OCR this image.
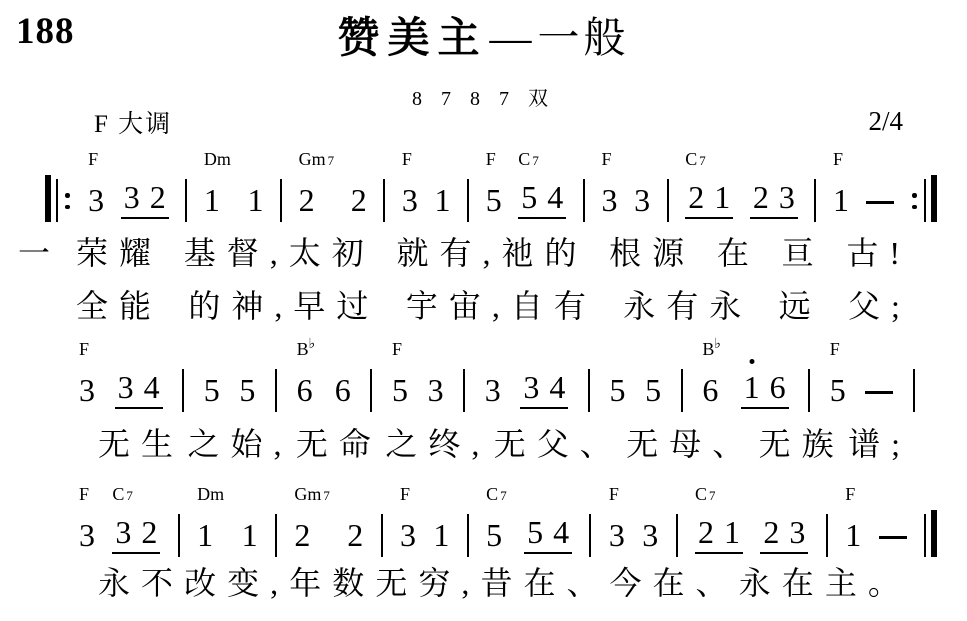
188	赞美主— 一般
8 7 8 7 双
F 大调	2/4
F
3 3 2
Dm
1 1
Gm 7
2 2
F
3 1
F
5
C 7
5 4
F
3 3
C 7
2 1 2 3
F
1
一 荣耀 基督,太初 就有,祂的 根源 在 亘 古!
全能 的神,早过 宇宙,自有 永有永 远 父;
F
3 3 4 5 5
B♭
6 6
F
5 3 3 3 4 5 5
B♭
6 1 6
F
5
无生 之始, 无命 之终, 无父、 无母、 无族 谱;
F
3
C 7
3 2
Dm
1 1
Gm 7
2 2
F
3 1
C 7
5 5 4
F
3 3
C 7
2 1 2 3
F
1
永不 改变, 年数 无穷, 昔在、 今在、 永 在 主。
